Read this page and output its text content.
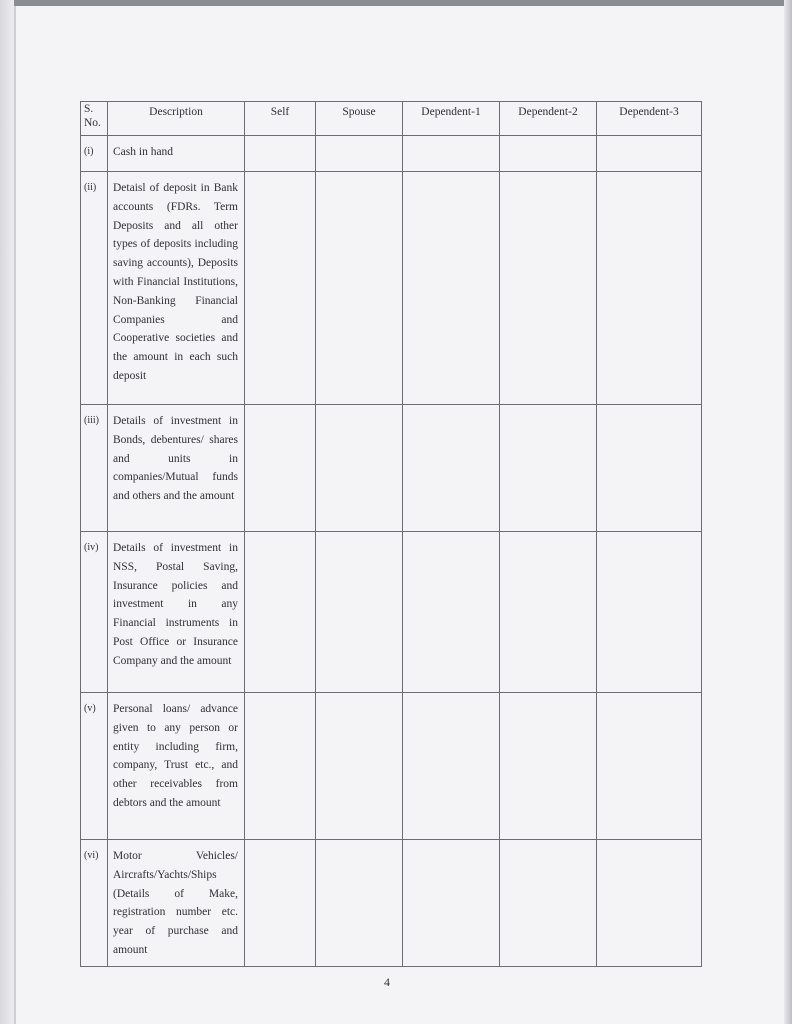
S. No.	Description	Self	Spouse	Dependent-1	Dependent-2	Dependent-3
(i)	Cash in hand					
(ii)	Detaisl of deposit in Bank accounts (FDRs. Term Deposits and all other types of deposits including saving accounts), Deposits with Financial Institutions, Non-Banking Financial Companies and Cooperative societies and the amount in each such deposit					
(iii)	Details of investment in Bonds, debentures/ shares and units in companies/Mutual funds and others and the amount					
(iv)	Details of investment in NSS, Postal Saving, Insurance policies and investment in any Financial instruments in Post Office or Insurance Company and the amount					
(v)	Personal loans/ advance given to any person or entity including firm, company, Trust etc., and other receivables from debtors and the amount					
(vi)	Motor Vehicles/ Aircrafts/Yachts/Ships (Details of Make, registration number etc. year of purchase and amount					
4
